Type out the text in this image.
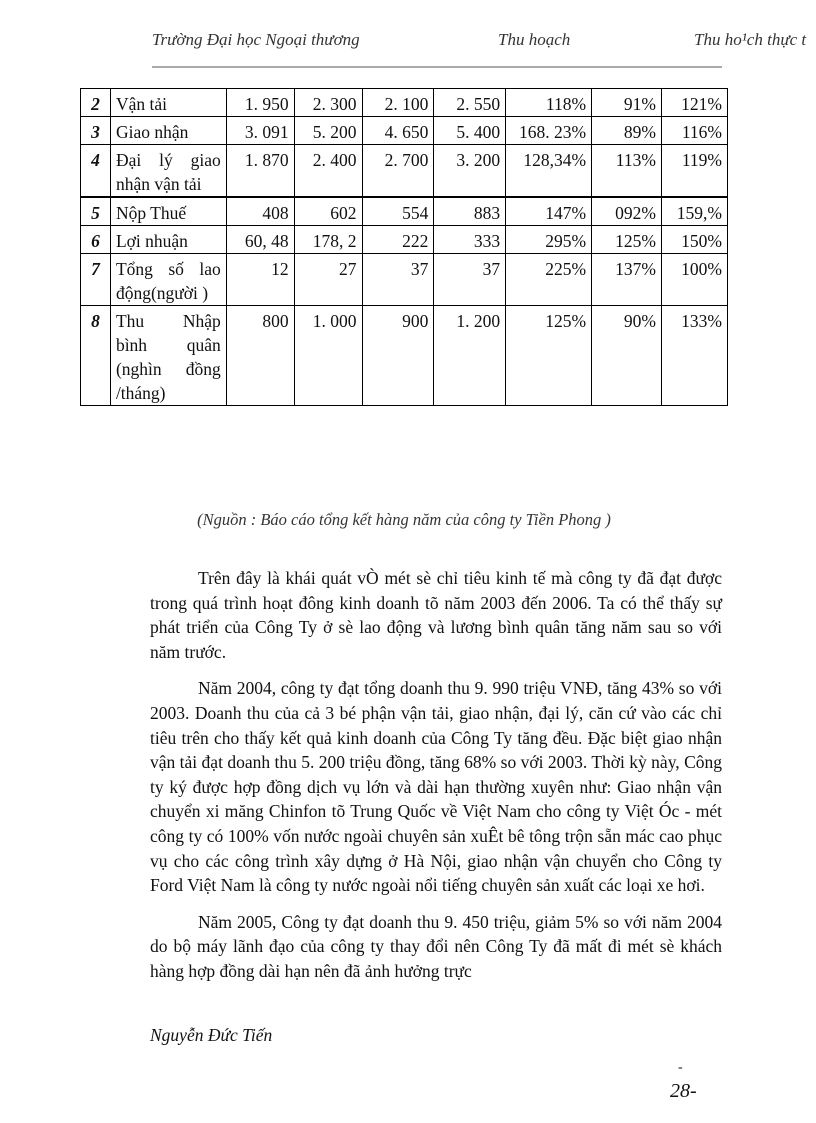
Trường Đại học Ngoại thương	Thu hoạch	Thu ho¹ch thực t
2	Vận tải	1. 950	2. 300	2. 100	2. 550	118%	91%	121%
3	Giao nhận	3. 091	5. 200	4. 650	5. 400	168. 23%	89%	116%
4	Đại lý giao nhận vận tải	1. 870	2. 400	2. 700	3. 200	128,34%	113%	119%
5	Nộp Thuế	408	602	554	883	147%	092%	159,%
6	Lợi nhuận	60, 48	178, 2	222	333	295%	125%	150%
7	Tổng số lao động(người )	12	27	37	37	225%	137%	100%
8	Thu Nhập bình quân (nghìn đồng /tháng)	800	1. 000	900	1. 200	125%	90%	133%
(Nguồn : Báo cáo tổng kết hàng năm của công ty Tiền Phong )

Trên đây là khái quát vÒ mét sè chỉ tiêu kinh tế mà công ty đã đạt được trong quá trình hoạt đông kinh doanh tõ năm 2003 đến 2006. Ta có thể thấy sự phát triển của Công Ty ở sè lao động và lương bình quân tăng năm sau so với năm trước.

Năm 2004, công ty đạt tổng doanh thu 9. 990 triệu VNĐ, tăng 43% so với 2003. Doanh thu của cả 3 bé phận vận tải, giao nhận, đại lý, căn cứ vào các chỉ tiêu trên cho thấy kết quả kinh doanh của Công Ty tăng đều. Đặc biệt giao nhận vận tải đạt doanh thu 5. 200 triệu đồng, tăng 68% so với 2003. Thời kỳ này, Công ty ký được hợp đồng dịch vụ lớn và dài hạn thường xuyên như: Giao nhận vận chuyển xi măng Chinfon tõ Trung Quốc về Việt Nam cho công ty Việt Óc - mét công ty có 100% vốn nước ngoài chuyên sản xuÊt bê tông trộn sẵn mác cao phục vụ cho các công trình xây dựng ở Hà Nội, giao nhận vận chuyển cho Công ty Ford Việt Nam là công ty nước ngoài nổi tiếng chuyên sản xuất các loại xe hơi.

Năm 2005, Công ty đạt doanh thu 9. 450 triệu, giảm 5% so với năm 2004 do bộ máy lãnh đạo của công ty thay đổi nên Công Ty đã mất đi mét sè khách hàng hợp đồng dài hạn nên đã ảnh hưởng trực

Nguyễn Đức Tiến
-
28-
